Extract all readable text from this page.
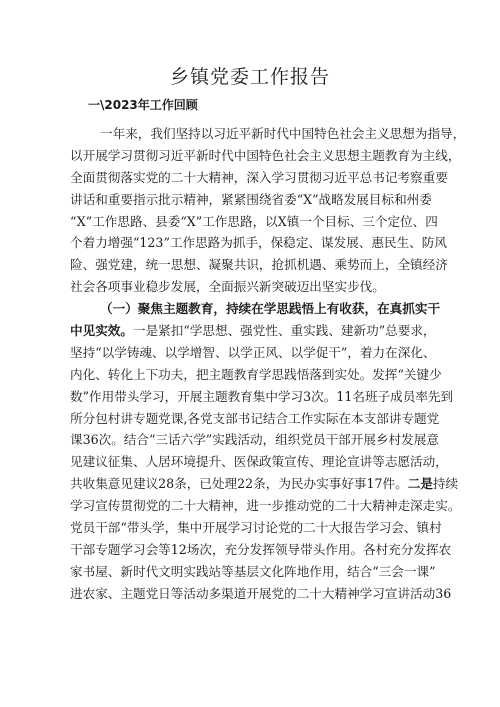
乡镇党委工作报告
一\2023年工作回顾
一年来，我们坚持以习近平新时代中国特色社会主义思想为指导，
以开展学习贯彻习近平新时代中国特色社会主义思想主题教育为主线，
全面贯彻落实党的二十大精神，深入学习贯彻习近平总书记考察重要
讲话和重要指示批示精神，紧紧围绕省委“X”战略发展目标和州委
“X”工作思路、县委“X”工作思路，以X镇一个目标、三个定位、四
个着力增强“123”工作思路为抓手，保稳定、谋发展、惠民生、防风
险、强党建，统一思想、凝聚共识，抢抓机遇、乘势而上，全镇经济
社会各项事业稳步发展，全面振兴新突破迈出坚实步伐。
（一）聚焦主题教育，持续在学思践悟上有收获，在真抓实干
中见实效。一是紧扣“学思想、强党性、重实践、建新功”总要求，
坚持“以学铸魂、以学增智、以学正风、以学促干”，着力在深化、
内化、转化上下功夫，把主题教育学思践悟落到实处。发挥“关键少
数”作用带头学习，开展主题教育集中学习3次。11名班子成员率先到
所分包村讲专题党课,各党支部书记结合工作实际在本支部讲专题党
课36次。结合“三话六学”实践活动，组织党员干部开展乡村发展意
见建议征集、人居环境提升、医保政策宣传、理论宣讲等志愿活动，
共收集意见建议28条，已处理22条，为民办实事好事17件。二是持续
学习宣传贯彻党的二十大精神，进一步推动党的二十大精神走深走实。
党员干部“带头学，集中开展学习讨论党的二十大报告学习会、镇村
干部专题学习会等12场次，充分发挥领导带头作用。各村充分发挥农
家书屋、新时代文明实践站等基层文化阵地作用，结合“三会一课”
进农家、主题党日等活动多渠道开展党的二十大精神学习宣讲活动36
